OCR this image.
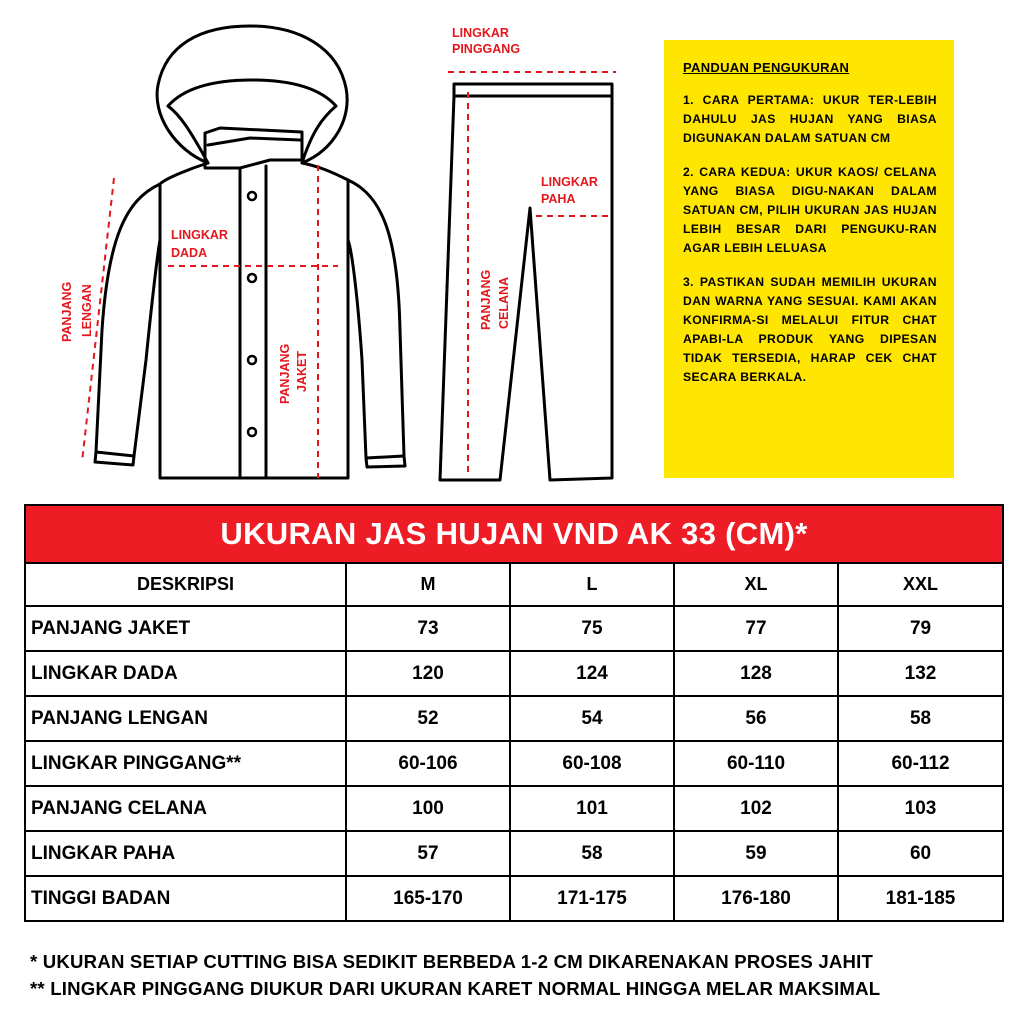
LINGKAR
PINGGANG
LINGKAR
PAHA
LINGKAR
DADA
PANJANG LENGAN
PANJANG JAKET
PANJANG CELANA
PANDUAN PENGUKURAN

1. CARA PERTAMA: UKUR TER-LEBIH DAHULU JAS HUJAN YANG BIASA DIGUNAKAN DALAM SATUAN CM

2. CARA KEDUA: UKUR KAOS/ CELANA YANG BIASA DIGU-NAKAN DALAM SATUAN CM, PILIH UKURAN JAS HUJAN LEBIH BESAR DARI PENGUKU-RAN AGAR LEBIH LELUASA

3. PASTIKAN SUDAH MEMILIH UKURAN DAN WARNA YANG SESUAI. KAMI AKAN KONFIRMA-SI MELALUI FITUR CHAT APABI-LA PRODUK YANG DIPESAN TIDAK TERSEDIA, HARAP CEK CHAT SECARA BERKALA.

UKURAN JAS HUJAN VND AK 33 (CM)*				
DESKRIPSI	M	L	XL	XXL
PANJANG JAKET	73	75	77	79
LINGKAR DADA	120	124	128	132
PANJANG LENGAN	52	54	56	58
LINGKAR PINGGANG**	60-106	60-108	60-110	60-112
PANJANG CELANA	100	101	102	103
LINGKAR PAHA	57	58	59	60
TINGGI BADAN	165-170	171-175	176-180	181-185
* UKURAN SETIAP CUTTING BISA SEDIKIT BERBEDA 1-2 CM DIKARENAKAN PROSES JAHIT
** LINGKAR PINGGANG DIUKUR DARI UKURAN KARET NORMAL HINGGA MELAR MAKSIMAL
